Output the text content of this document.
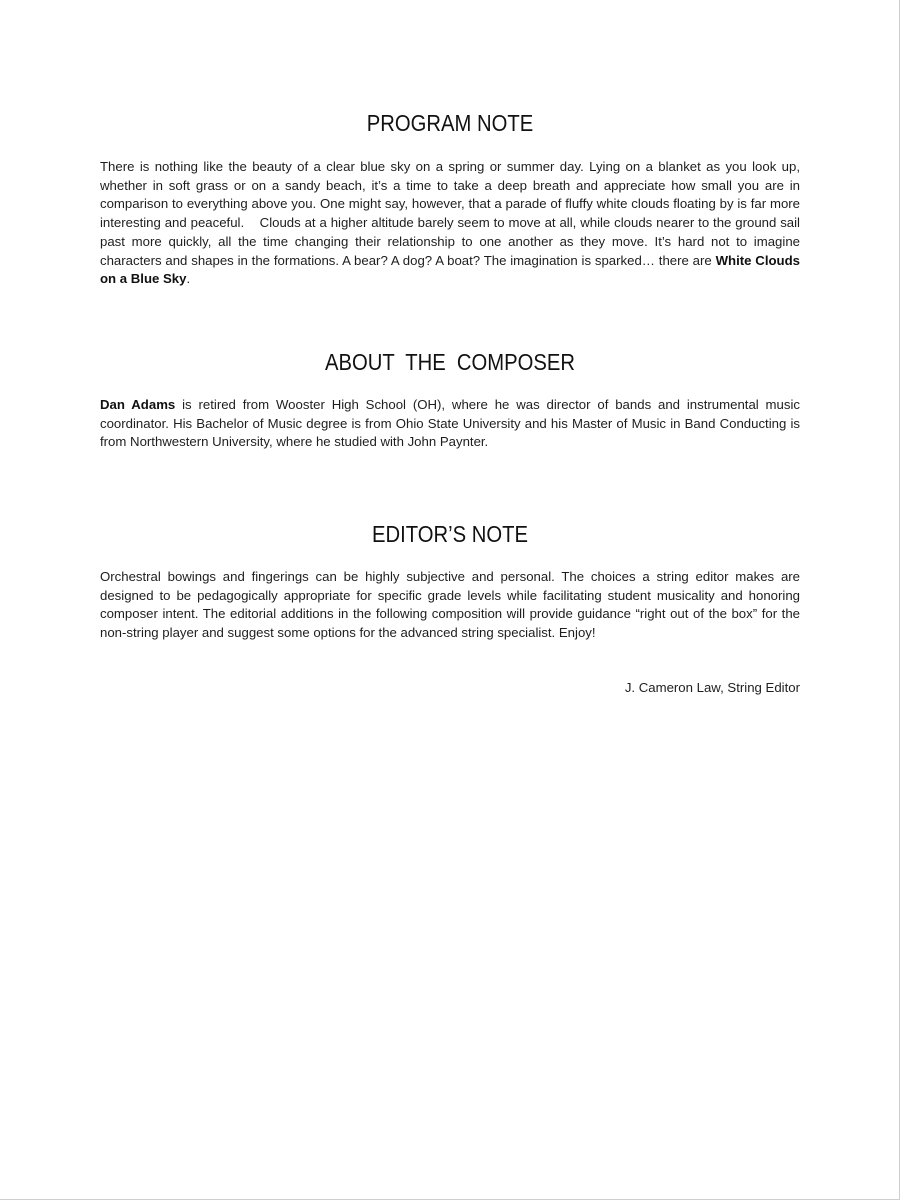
PROGRAM NOTE

There is nothing like the beauty of a clear blue sky on a spring or summer day. Lying on a blanket as you look up, whether in soft grass or on a sandy beach, it’s a time to take a deep breath and appreciate how small you are in comparison to everything above you. One might say, however, that a parade of fluffy white clouds floating by is far more interesting and peaceful.    Clouds at a higher altitude barely seem to move at all, while clouds nearer to the ground sail past more quickly, all the time changing their relationship to one another as they move. It’s hard not to imagine characters and shapes in the formations. A bear? A dog? A boat? The imagination is sparked… there are White Clouds on a Blue Sky.

ABOUT  THE  COMPOSER

Dan Adams is retired from Wooster High School (OH), where he was director of bands and instrumental music coordinator. His Bachelor of Music degree is from Ohio State University and his Master of Music in Band Conducting is from Northwestern University, where he studied with John Paynter.

EDITOR’S NOTE

Orchestral bowings and fingerings can be highly subjective and personal. The choices a string editor makes are designed to be pedagogically appropriate for specific grade levels while facilitating student musicality and honoring composer intent. The editorial additions in the following composition will provide guidance “right out of the box” for the non-string player and suggest some options for the advanced string specialist. Enjoy!

J. Cameron Law, String Editor
